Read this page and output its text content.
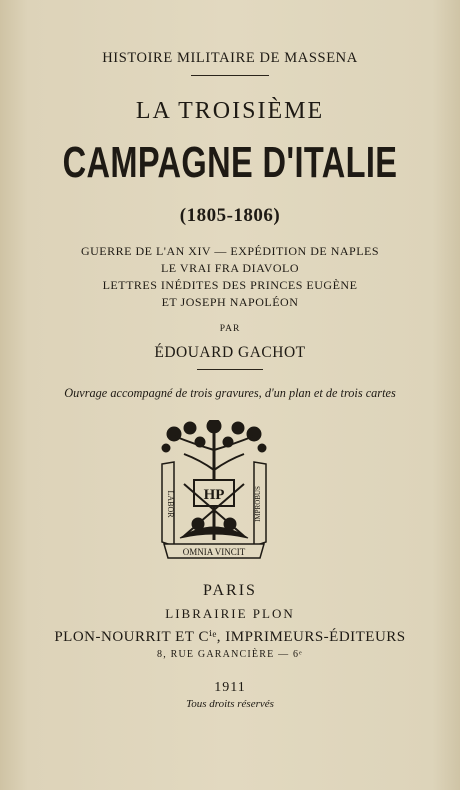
HISTOIRE MILITAIRE DE MASSENA
LA TROISIÈME
CAMPAGNE D'ITALIE
(1805-1806)
GUERRE DE L'AN XIV — EXPÉDITION DE NAPLES
LE VRAI FRA DIAVOLO
LETTRES INÉDITES DES PRINCES EUGÈNE
ET JOSEPH NAPOLÉON
PAR
ÉDOUARD GACHOT
Ouvrage accompagné de trois gravures, d'un plan et de trois cartes
HP
LABOR	IMPROBUS
OMNIA VINCIT
PARIS
LIBRAIRIE PLON
PLON-NOURRIT ET Cⁱᵉ, IMPRIMEURS-ÉDITEURS
8, RUE GARANCIÈRE — 6ᵉ
1911
Tous droits réservés
